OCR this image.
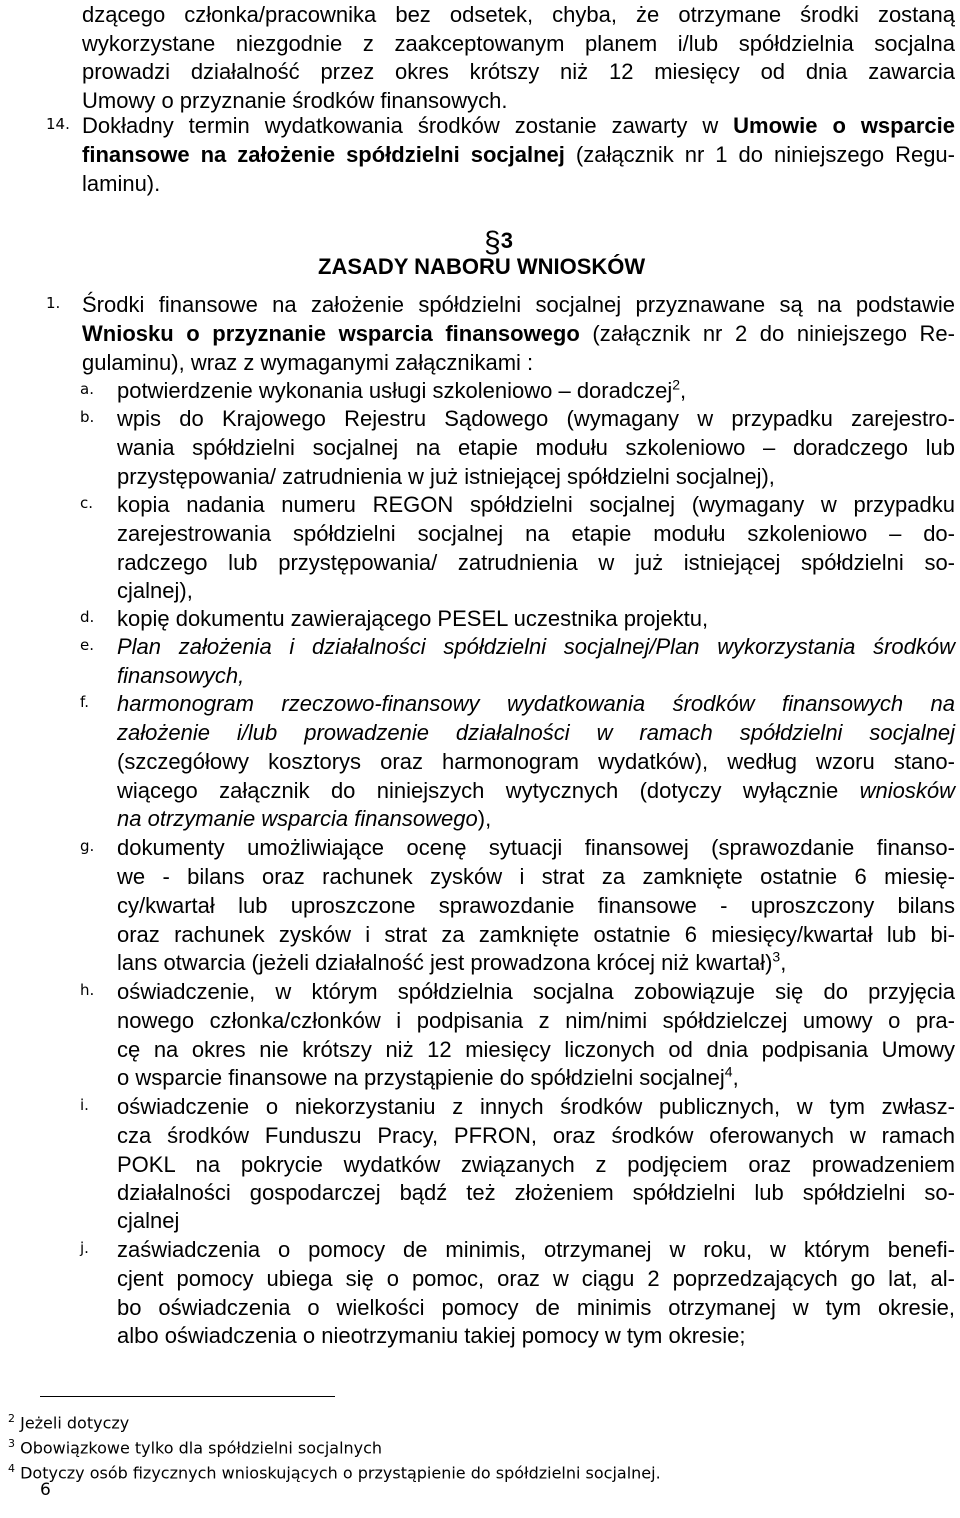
dzącego członka/pracownika bez odsetek, chyba, że otrzymane środki zostaną
wykorzystane niezgodnie z zaakceptowanym planem i/lub spółdzielnia socjalna
prowadzi działalność przez okres krótszy niż 12 miesięcy od dnia zawarcia
Umowy o przyznanie środków finansowych.
14. Dokładny termin wydatkowania środków zostanie zawarty w Umowie o wsparcie
finansowe na założenie spółdzielni socjalnej (załącznik nr 1 do niniejszego Regu-
laminu).
§3
ZASADY NABORU WNIOSKÓW
1. Środki finansowe na założenie spółdzielni socjalnej przyznawane są na podstawie
Wniosku o przyznanie wsparcia finansowego (załącznik nr 2 do niniejszego Re-
gulaminu), wraz z wymaganymi załącznikami :
a. potwierdzenie wykonania usługi szkoleniowo – doradczej$^2$,
b. wpis do Krajowego Rejestru Sądowego (wymagany w przypadku zarejestro-
wania spółdzielni socjalnej na etapie modułu szkoleniowo – doradczego lub
przystępowania/ zatrudnienia w już istniejącej spółdzielni socjalnej),
c. kopia nadania numeru REGON spółdzielni socjalnej (wymagany w przypadku
zarejestrowania spółdzielni socjalnej na etapie modułu szkoleniowo – do-
radczego lub przystępowania/ zatrudnienia w już istniejącej spółdzielni so-
cjalnej),
d. kopię dokumentu zawierającego PESEL uczestnika projektu,
e. Plan założenia i działalności spółdzielni socjalnej/Plan wykorzystania środków
finansowych,
f. harmonogram rzeczowo-finansowy wydatkowania środków finansowych na
założenie i/lub prowadzenie działalności w ramach spółdzielni socjalnej
(szczegółowy kosztorys oraz harmonogram wydatków), według wzoru stano-
wiącego załącznik do niniejszych wytycznych (dotyczy wyłącznie wniosków
na otrzymanie wsparcia finansowego),
g. dokumenty umożliwiające ocenę sytuacji finansowej (sprawozdanie finanso-
we - bilans oraz rachunek zysków i strat za zamknięte ostatnie 6 miesię-
cy/kwartał lub uproszczone sprawozdanie finansowe - uproszczony bilans
oraz rachunek zysków i strat za zamknięte ostatnie 6 miesięcy/kwartał lub bi-
lans otwarcia (jeżeli działalność jest prowadzona krócej niż kwartał)$^3$,
h. oświadczenie, w którym spółdzielnia socjalna zobowiązuje się do przyjęcia
nowego członka/członków i podpisania z nim/nimi spółdzielczej umowy o pra-
cę na okres nie krótszy niż 12 miesięcy liczonych od dnia podpisania Umowy
o wsparcie finansowe na przystąpienie do spółdzielni socjalnej$^4$,
i. oświadczenie o niekorzystaniu z innych środków publicznych, w tym zwłasz-
cza środków Funduszu Pracy, PFRON, oraz środków oferowanych w ramach
POKL na pokrycie wydatków związanych z podjęciem oraz prowadzeniem
działalności gospodarczej bądź też złożeniem spółdzielni lub spółdzielni so-
cjalnej
j. zaświadczenia o pomocy de minimis, otrzymanej w roku, w którym benefi-
cjent pomocy ubiega się o pomoc, oraz w ciągu 2 poprzedzających go lat, al-
bo oświadczenia o wielkości pomocy de minimis otrzymanej w tym okresie,
albo oświadczenia o nieotrzymaniu takiej pomocy w tym okresie;
$^2$ Jeżeli dotyczy
$^3$ Obowiązkowe tylko dla spółdzielni socjalnych
$^4$ Dotyczy osób fizycznych wnioskujących o przystąpienie do spółdzielni socjalnej.
6
